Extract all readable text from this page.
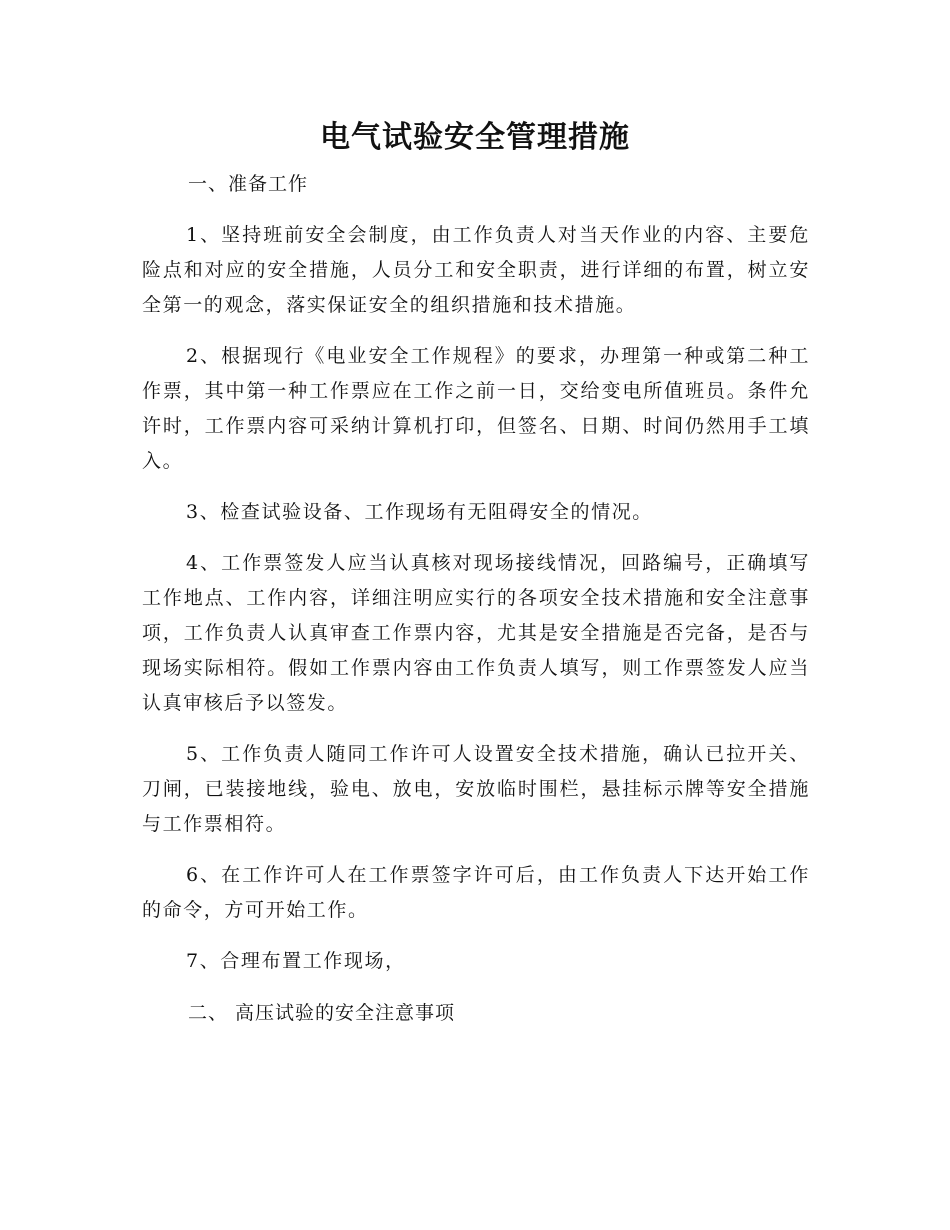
电气试验安全管理措施

一、准备工作

1、坚持班前安全会制度，由工作负责人对当天作业的内容、主要危险点和对应的安全措施，人员分工和安全职责，进行详细的布置，树立安全第一的观念，落实保证安全的组织措施和技术措施。

2、根据现行《电业安全工作规程》的要求，办理第一种或第二种工作票，其中第一种工作票应在工作之前一日，交给变电所值班员。条件允许时，工作票内容可采纳计算机打印，但签名、日期、时间仍然用手工填入。

3、检查试验设备、工作现场有无阻碍安全的情况。

4、工作票签发人应当认真核对现场接线情况，回路编号，正确填写工作地点、工作内容，详细注明应实行的各项安全技术措施和安全注意事项，工作负责人认真审查工作票内容，尤其是安全措施是否完备，是否与现场实际相符。假如工作票内容由工作负责人填写，则工作票签发人应当认真审核后予以签发。

5、工作负责人随同工作许可人设置安全技术措施，确认已拉开关、刀闸，已装接地线，验电、放电，安放临时围栏，悬挂标示牌等安全措施与工作票相符。

6、在工作许可人在工作票签字许可后，由工作负责人下达开始工作的命令，方可开始工作。

7、合理布置工作现场，

二、 高压试验的安全注意事项
